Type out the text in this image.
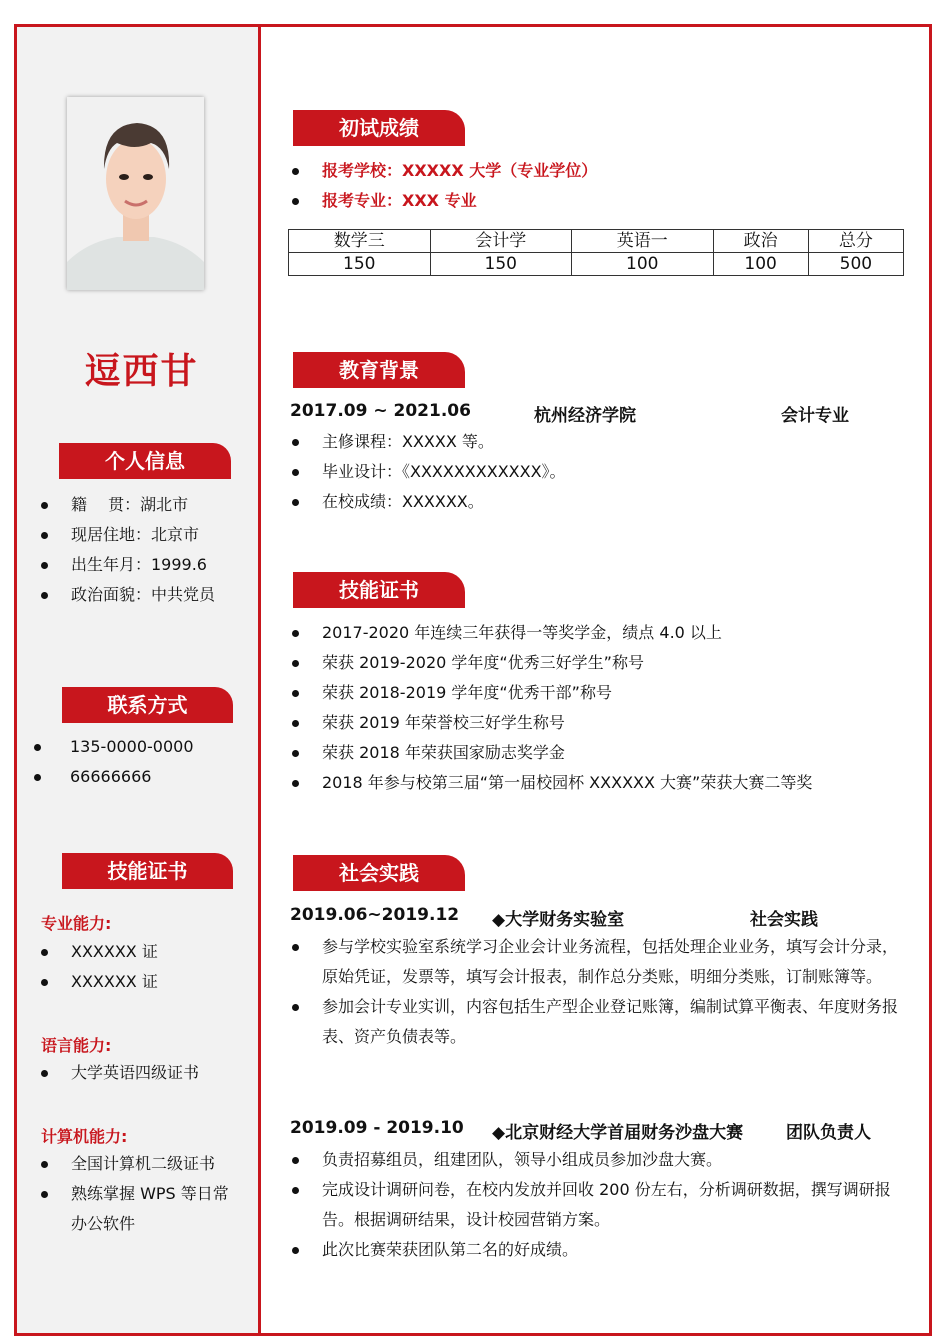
逗西甘
个人信息
籍　 贯：湖北市
现居住地：北京市
出生年月：1999.6
政治面貌：中共党员
联系方式
135-0000-0000
66666666
技能证书
专业能力:
XXXXXX 证
XXXXXX 证
语言能力:
大学英语四级证书
计算机能力:
全国计算机二级证书
熟练掌握 WPS 等日常办公软件
初试成绩
报考学校：XXXXX 大学（专业学位）
报考专业：XXX 专业
数学三	会计学	英语一	政治	总分
150	150	100	100	500
教育背景
2017.09 ~ 2021.06	杭州经济学院	会计专业
主修课程：XXXXX 等。
毕业设计：《XXXXXXXXXXXX》。
在校成绩：XXXXXX。
技能证书
2017-2020 年连续三年获得一等奖学金，绩点 4.0 以上
荣获 2019-2020 学年度“优秀三好学生”称号
荣获 2018-2019 学年度“优秀干部”称号
荣获 2019 年荣誉校三好学生称号
荣获 2018 年荣获国家励志奖学金
2018 年参与校第三届“第一届校园杯 XXXXXX 大赛”荣获大赛二等奖
社会实践
2019.06~2019.12 ◆大学财务实验室	社会实践
参与学校实验室系统学习企业会计业务流程，包括处理企业业务，填写会计分录，原始凭证，发票等，填写会计报表，制作总分类账，明细分类账，订制账簿等。
参加会计专业实训，内容包括生产型企业登记账簿，编制试算平衡表、年度财务报表、资产负债表等。
2019.09 - 2019.10 ◆北京财经大学首届财务沙盘大赛	团队负责人
负责招募组员，组建团队，领导小组成员参加沙盘大赛。
完成设计调研问卷，在校内发放并回收 200 份左右，分析调研数据，撰写调研报告。根据调研结果，设计校园营销方案。
此次比赛荣获团队第二名的好成绩。
